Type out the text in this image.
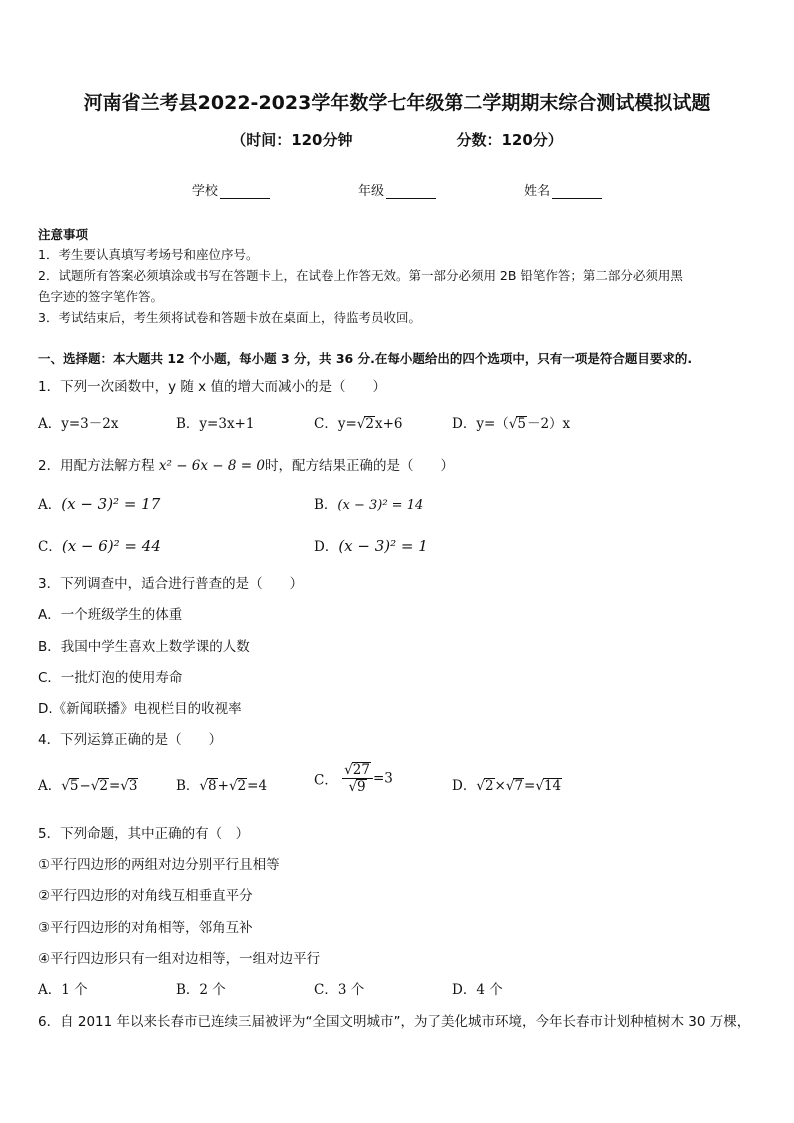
河南省兰考县2022-2023学年数学七年级第二学期期末综合测试模拟试题
（时间：120分钟	分数：120分）
学校	年级	姓名
注意事项
1．考生要认真填写考场号和座位序号。
2．试题所有答案必须填涂或书写在答题卡上，在试卷上作答无效。第一部分必须用 2B 铅笔作答；第二部分必须用黑
色字迹的签字笔作答。
3．考试结束后，考生须将试卷和答题卡放在桌面上，待监考员收回。
一、选择题：本大题共 12 个小题，每小题 3 分，共 36 分.在每小题给出的四个选项中，只有一项是符合题目要求的.
1．下列一次函数中，y 随 x 值的增大而减小的是（　　）
A．y=3－2x	B．y=3x+1	C．y=√2x+6	D．y=（√5－2）x
2．用配方法解方程 x² − 6x − 8 = 0时，配方结果正确的是（　　）
A．(x − 3)² = 17	B．(x − 3)² = 14
C．(x − 6)² = 44	D．(x − 3)² = 1
3．下列调查中，适合进行普查的是（　　）
A．一个班级学生的体重
B．我国中学生喜欢上数学课的人数
C．一批灯泡的使用寿命
D.《新闻联播》电视栏目的收视率
4．下列运算正确的是（　　）
A．√5−√2=√3	B．√8+√2=4	C． $\frac{√27}{√9} =3$	D．√2×√7=√14
5．下列命题，其中正确的有（　）
①平行四边形的两组对边分别平行且相等
②平行四边形的对角线互相垂直平分
③平行四边形的对角相等，邻角互补
④平行四边形只有一组对边相等，一组对边平行
A．1 个	B．2 个	C．3 个	D．4 个
6．自 2011 年以来长春市已连续三届被评为“全国文明城市”，为了美化城市环境，今年长春市计划种植树木 30 万棵，
